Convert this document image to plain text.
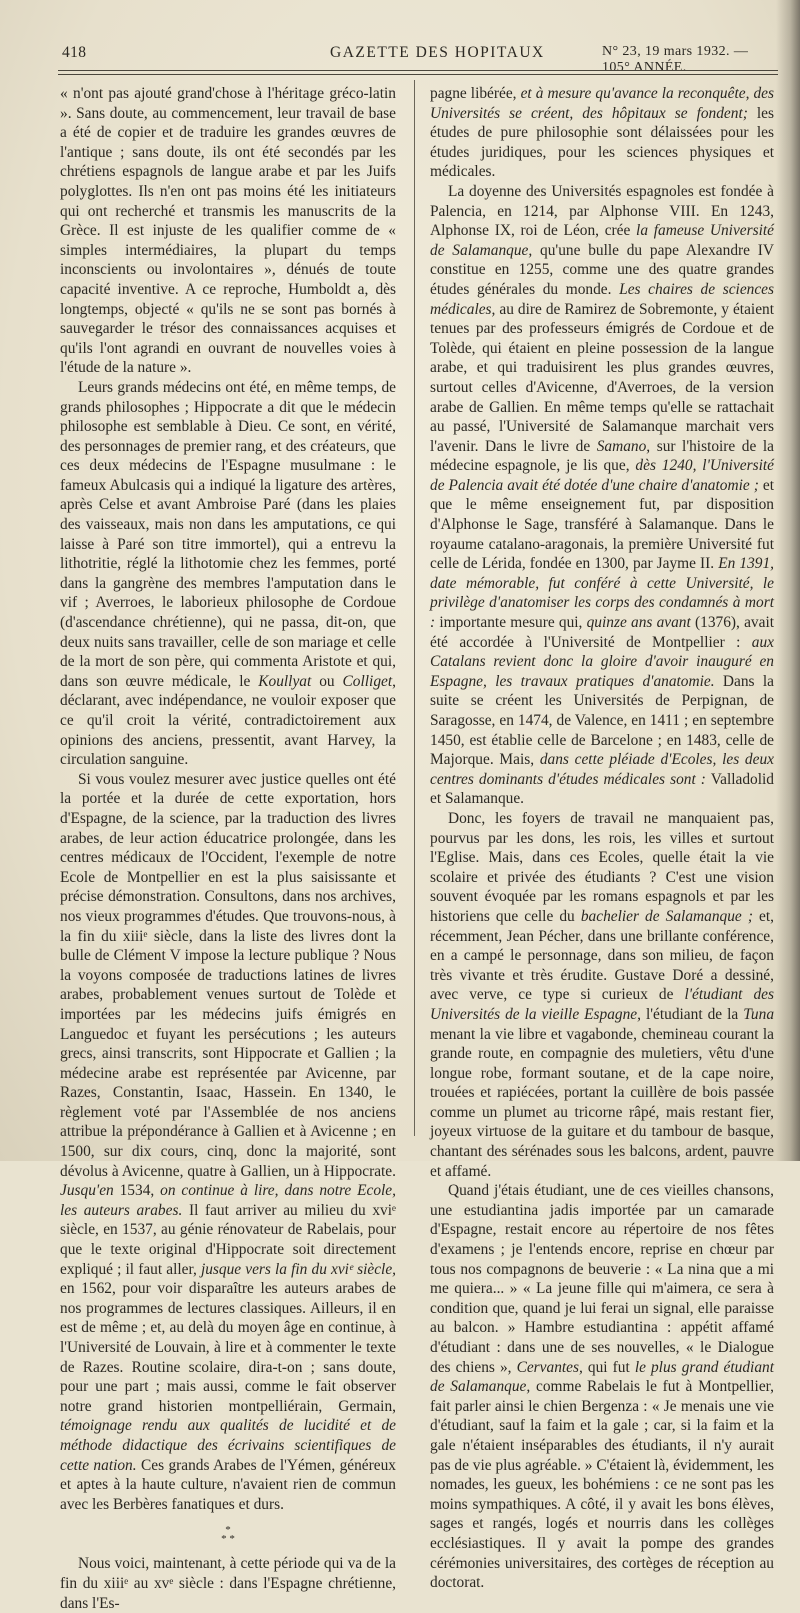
418	GAZETTE DES HOPITAUX	N° 23, 19 mars 1932. — 105° ANNÉE.

« n'ont pas ajouté grand'chose à l'héritage gréco-latin ». Sans doute, au commencement, leur travail de base a été de copier et de traduire les grandes œuvres de l'antique ; sans doute, ils ont été secondés par les chrétiens espagnols de langue arabe et par les Juifs polyglottes. Ils n'en ont pas moins été les initiateurs qui ont recherché et transmis les manuscrits de la Grèce. Il est injuste de les qualifier comme de « simples intermédiaires, la plupart du temps inconscients ou involontaires », dénués de toute capacité inventive. A ce reproche, Humboldt a, dès longtemps, objecté « qu'ils ne se sont pas bornés à sauvegarder le trésor des connaissances acquises et qu'ils l'ont agrandi en ouvrant de nouvelles voies à l'étude de la nature ».

Leurs grands médecins ont été, en même temps, de grands philosophes ; Hippocrate a dit que le médecin philosophe est semblable à Dieu. Ce sont, en vérité, des personnages de premier rang, et des créateurs, que ces deux médecins de l'Espagne musulmane : le fameux Abulcasis qui a indiqué la ligature des artères, après Celse et avant Ambroise Paré (dans les plaies des vaisseaux, mais non dans les amputations, ce qui laisse à Paré son titre immortel), qui a entrevu la lithotritie, réglé la lithotomie chez les femmes, porté dans la gangrène des membres l'amputation dans le vif ; Averroes, le laborieux philosophe de Cordoue (d'ascendance chrétienne), qui ne passa, dit-on, que deux nuits sans travailler, celle de son mariage et celle de la mort de son père, qui commenta Aristote et qui, dans son œuvre médicale, le Koullyat ou Colliget, déclarant, avec indépendance, ne vouloir exposer que ce qu'il croit la vérité, contradictoirement aux opinions des anciens, pressentit, avant Harvey, la circulation sanguine.

Si vous voulez mesurer avec justice quelles ont été la portée et la durée de cette exportation, hors d'Espagne, de la science, par la traduction des livres arabes, de leur action éducatrice prolongée, dans les centres médicaux de l'Occident, l'exemple de notre Ecole de Montpellier en est la plus saisissante et précise démonstration. Consultons, dans nos archives, nos vieux programmes d'études. Que trouvons-nous, à la fin du xiiiᵉ siècle, dans la liste des livres dont la bulle de Clément V impose la lecture publique ? Nous la voyons composée de traductions latines de livres arabes, probablement venues surtout de Tolède et importées par les médecins juifs émigrés en Languedoc et fuyant les persécutions ; les auteurs grecs, ainsi transcrits, sont Hippocrate et Gallien ; la médecine arabe est représentée par Avicenne, par Razes, Constantin, Isaac, Hassein. En 1340, le règlement voté par l'Assemblée de nos anciens attribue la prépondérance à Gallien et à Avicenne ; en 1500, sur dix cours, cinq, donc la majorité, sont dévolus à Avicenne, quatre à Gallien, un à Hippocrate. Jusqu'en 1534, on continue à lire, dans notre Ecole, les auteurs arabes. Il faut arriver au milieu du xviᵉ siècle, en 1537, au génie rénovateur de Rabelais, pour que le texte original d'Hippocrate soit directement expliqué ; il faut aller, jusque vers la fin du xviᵉ siècle, en 1562, pour voir disparaître les auteurs arabes de nos programmes de lectures classiques. Ailleurs, il en est de même ; et, au delà du moyen âge en continue, à l'Université de Louvain, à lire et à commenter le texte de Razes. Routine scolaire, dira-t-on ; sans doute, pour une part ; mais aussi, comme le fait observer notre grand historien montpelliérain, Germain, témoignage rendu aux qualités de lucidité et de méthode didactique des écrivains scientifiques de cette nation. Ces grands Arabes de l'Yémen, généreux et aptes à la haute culture, n'avaient rien de commun avec les Berbères fanatiques et durs.

*
* *

Nous voici, maintenant, à cette période qui va de la fin du xiiiᵉ au xvᵉ siècle : dans l'Espagne chrétienne, dans l'Es-

pagne libérée, et à mesure qu'avance la reconquête, des Universités se créent, des hôpitaux se fondent; les études de pure philosophie sont délaissées pour les études juridiques, pour les sciences physiques et médicales.

La doyenne des Universités espagnoles est fondée à Palencia, en 1214, par Alphonse VIII. En 1243, Alphonse IX, roi de Léon, crée la fameuse Université de Salamanque, qu'une bulle du pape Alexandre IV constitue en 1255, comme une des quatre grandes études générales du monde. Les chaires de sciences médicales, au dire de Ramirez de Sobremonte, y étaient tenues par des professeurs émigrés de Cordoue et de Tolède, qui étaient en pleine possession de la langue arabe, et qui traduisirent les plus grandes œuvres, surtout celles d'Avicenne, d'Averroes, de la version arabe de Gallien. En même temps qu'elle se rattachait au passé, l'Université de Salamanque marchait vers l'avenir. Dans le livre de Samano, sur l'histoire de la médecine espagnole, je lis que, dès 1240, l'Université de Palencia avait été dotée d'une chaire d'anatomie ; et que le même enseignement fut, par disposition d'Alphonse le Sage, transféré à Salamanque. Dans le royaume catalano-aragonais, la première Université fut celle de Lérida, fondée en 1300, par Jayme II. En 1391, date mémorable, fut conféré à cette Université, le privilège d'anatomiser les corps des condamnés à mort : importante mesure qui, quinze ans avant (1376), avait été accordée à l'Université de Montpellier : aux Catalans revient donc la gloire d'avoir inauguré en Espagne, les travaux pratiques d'anatomie. Dans la suite se créent les Universités de Perpignan, de Saragosse, en 1474, de Valence, en 1411 ; en septembre 1450, est établie celle de Barcelone ; en 1483, celle de Majorque. Mais, dans cette pléiade d'Ecoles, les deux centres dominants d'études médicales sont : Valladolid et Salamanque.

Donc, les foyers de travail ne manquaient pas, pourvus par les dons, les rois, les villes et surtout l'Eglise. Mais, dans ces Ecoles, quelle était la vie scolaire et privée des étudiants ? C'est une vision souvent évoquée par les romans espagnols et par les historiens que celle du bachelier de Salamanque ; et, récemment, Jean Pécher, dans une brillante conférence, en a campé le personnage, dans son milieu, de façon très vivante et très érudite. Gustave Doré a dessiné, avec verve, ce type si curieux de l'étudiant des Universités de la vieille Espagne, l'étudiant de la Tuna menant la vie libre et vagabonde, chemineau courant la grande route, en compagnie des muletiers, vêtu d'une longue robe, formant soutane, et de la cape noire, trouées et rapiécées, portant la cuillère de bois passée comme un plumet au tricorne râpé, mais restant fier, joyeux virtuose de la guitare et du tambour de basque, chantant des sérénades sous les balcons, ardent, pauvre et affamé.

Quand j'étais étudiant, une de ces vieilles chansons, une estudiantina jadis importée par un camarade d'Espagne, restait encore au répertoire de nos fêtes d'examens ; je l'entends encore, reprise en chœur par tous nos compagnons de beuverie : « La nina que a mi me quiera... » « La jeune fille qui m'aimera, ce sera à condition que, quand je lui ferai un signal, elle paraisse au balcon. » Hambre estudiantina : appétit affamé d'étudiant : dans une de ses nouvelles, « le Dialogue des chiens », Cervantes, qui fut le plus grand étudiant de Salamanque, comme Rabelais le fut à Montpellier, fait parler ainsi le chien Bergenza : « Je menais une vie d'étudiant, sauf la faim et la gale ; car, si la faim et la gale n'étaient inséparables des étudiants, il n'y aurait pas de vie plus agréable. » C'étaient là, évidemment, les nomades, les gueux, les bohémiens : ce ne sont pas les moins sympathiques. A côté, il y avait les bons élèves, sages et rangés, logés et nourris dans les collèges ecclésiastiques. Il y avait la pompe des grandes cérémonies universitaires, des cortèges de réception au doctorat.
